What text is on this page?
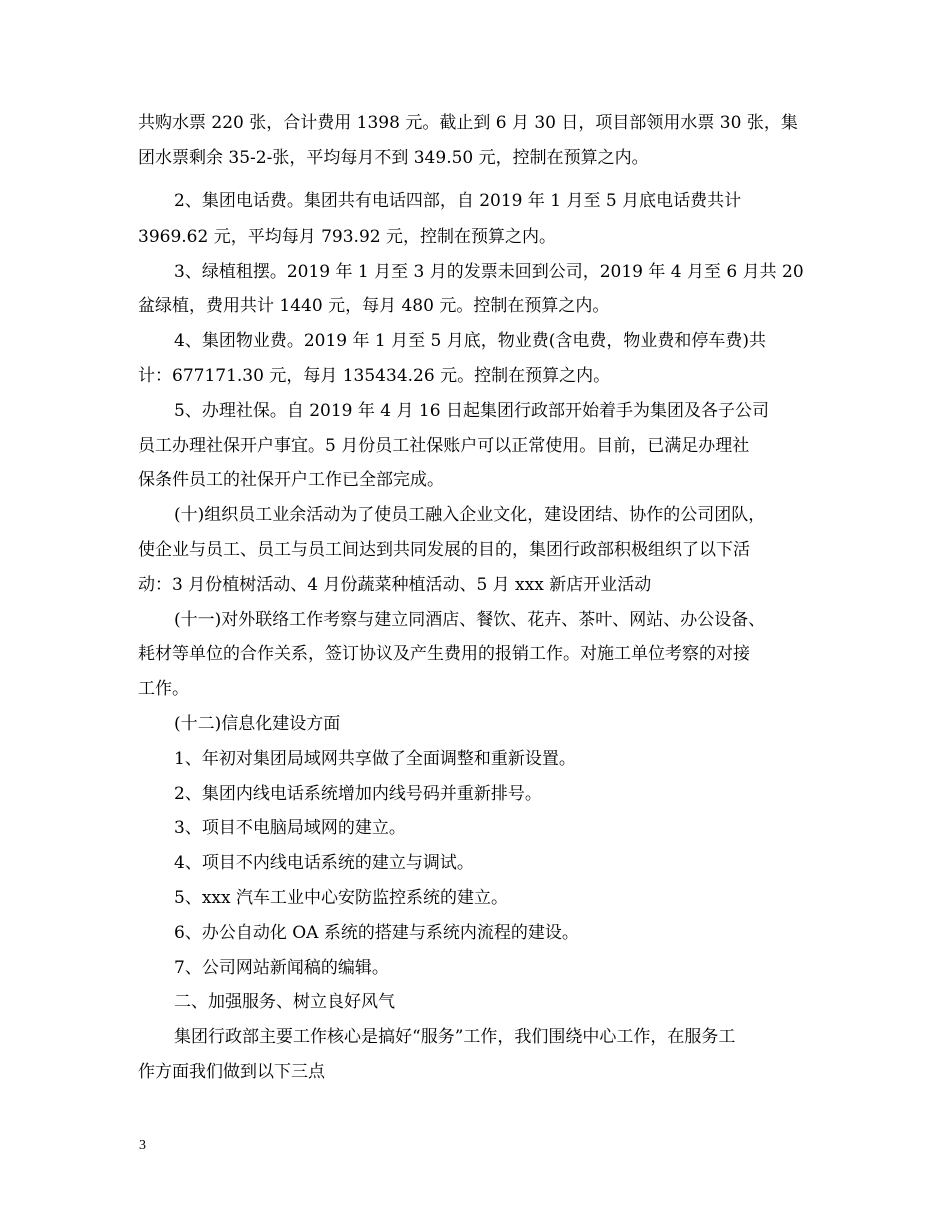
共购水票 220 张，合计费用 1398 元。截止到 6 月 30 日，项目部领用水票 30 张，集
团水票剩余 35-2-张，平均每月不到 349.50 元，控制在预算之内。
2、集团电话费。集团共有电话四部，自 2019 年 1 月至 5 月底电话费共计
3969.62 元，平均每月 793.92 元，控制在预算之内。
3、绿植租摆。2019 年 1 月至 3 月的发票未回到公司，2019 年 4 月至 6 月共 20
盆绿植，费用共计 1440 元，每月 480 元。控制在预算之内。
4、集团物业费。2019 年 1 月至 5 月底，物业费(含电费，物业费和停车费)共
计：677171.30 元，每月 135434.26 元。控制在预算之内。
5、办理社保。自 2019 年 4 月 16 日起集团行政部开始着手为集团及各子公司
员工办理社保开户事宜。5 月份员工社保账户可以正常使用。目前，已满足办理社
保条件员工的社保开户工作已全部完成。
(十)组织员工业余活动为了使员工融入企业文化，建设团结、协作的公司团队，
使企业与员工、员工与员工间达到共同发展的目的，集团行政部积极组织了以下活
动：3 月份植树活动、4 月份蔬菜种植活动、5 月 xxx 新店开业活动
(十一)对外联络工作考察与建立同酒店、餐饮、花卉、茶叶、网站、办公设备、
耗材等单位的合作关系，签订协议及产生费用的报销工作。对施工单位考察的对接
工作。
(十二)信息化建设方面
1、年初对集团局域网共享做了全面调整和重新设置。
2、集团内线电话系统增加内线号码并重新排号。
3、项目不电脑局域网的建立。
4、项目不内线电话系统的建立与调试。
5、xxx 汽车工业中心安防监控系统的建立。
6、办公自动化 OA 系统的搭建与系统内流程的建设。
7、公司网站新闻稿的编辑。
二、加强服务、树立良好风气
集团行政部主要工作核心是搞好“服务”工作，我们围绕中心工作，在服务工
作方面我们做到以下三点
3
